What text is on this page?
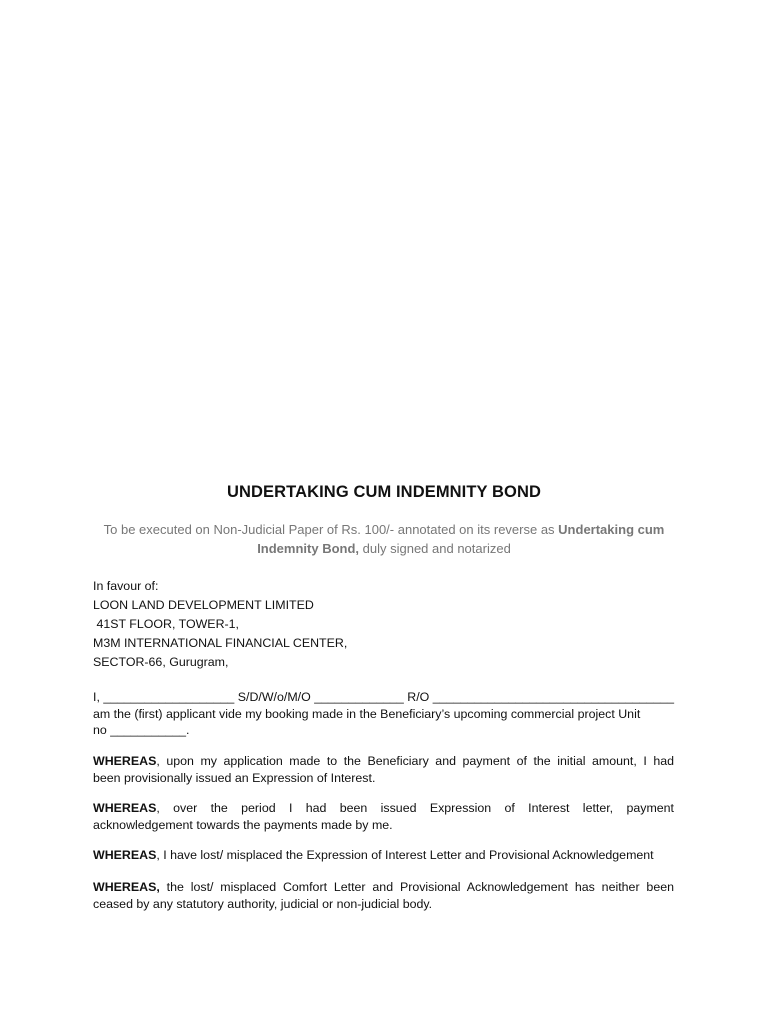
UNDERTAKING CUM INDEMNITY BOND
To be executed on Non-Judicial Paper of Rs. 100/- annotated on its reverse as Undertaking cum
Indemnity Bond, duly signed and notarized
In favour of:
LOON LAND DEVELOPMENT LIMITED
41ST FLOOR, TOWER-1,
M3M INTERNATIONAL FINANCIAL CENTER,
SECTOR-66, Gurugram,
I, ___________________ S/D/W/o/M/O _____________ R/O ___________________________________
am the (first) applicant vide my booking made in the Beneficiary’s upcoming commercial project Unit
no ___________.
WHEREAS, upon my application made to the Beneficiary and payment of the initial amount, I had
been provisionally issued an Expression of Interest.
WHEREAS, over the period I had been issued Expression of Interest letter, payment
acknowledgement towards the payments made by me.
WHEREAS, I have lost/ misplaced the Expression of Interest Letter and Provisional Acknowledgement
WHEREAS, the lost/ misplaced Comfort Letter and Provisional Acknowledgement has neither been
ceased by any statutory authority, judicial or non-judicial body.
